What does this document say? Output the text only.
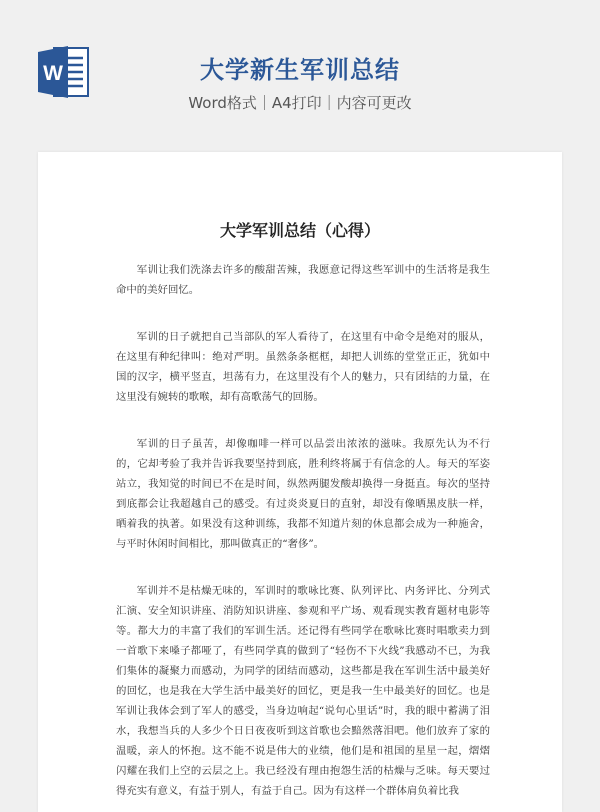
W	大学新生军训总结
Word格式｜A4打印｜内容可更改
大学军训总结（心得）

军训让我们洗涤去许多的酸甜苦辣，我愿意记得这些军训中的生活将是我生命中的美好回忆。

军训的日子就把自己当部队的军人看待了，在这里有中命令是绝对的服从，在这里有种纪律叫：绝对严明。虽然条条框框，却把人训练的堂堂正正，犹如中国的汉字，横平竖直，坦荡有力，在这里没有个人的魅力，只有团结的力量，在这里没有婉转的歌喉，却有高歌荡气的回肠。

军训的日子虽苦，却像咖啡一样可以品尝出浓浓的滋味。我原先认为不行的，它却考验了我并告诉我要坚持到底，胜利终将属于有信念的人。每天的军姿站立，我知觉的时间已不在是时间，纵然两腿发酸却换得一身挺直。每次的坚持到底都会让我超越自己的感受。有过炎炎夏日的直射，却没有像晒黑皮肤一样，晒着我的执著。如果没有这种训练，我都不知道片刻的休息都会成为一种施舍，与平时休闲时间相比，那叫做真正的“奢侈”。

军训并不是枯燥无味的，军训时的歌咏比赛、队列评比、内务评比、分列式汇演、安全知识讲座、消防知识讲座、参观和平广场、观看现实教育题材电影等等。都大力的丰富了我们的军训生活。还记得有些同学在歌咏比赛时唱歌卖力到一首歌下来嗓子都哑了，有些同学真的做到了“轻伤不下火线”我感动不已，为我们集体的凝聚力而感动，为同学的团结而感动，这些都是我在军训生活中最美好的回忆，也是我在大学生活中最美好的回忆，更是我一生中最美好的回忆。也是军训让我体会到了军人的感受，当身边响起“说句心里话”时，我的眼中蓄满了泪水，我想当兵的人多少个日日夜夜听到这首歌也会黯然落泪吧。他们放弃了家的温暖，亲人的怀抱。这不能不说是伟大的业绩，他们是和祖国的星星一起，熠熠闪耀在我们上空的云层之上。我已经没有理由抱怨生活的枯燥与乏味。每天要过得充实有意义，有益于别人，有益于自己。因为有这样一个群体肩负着比我
